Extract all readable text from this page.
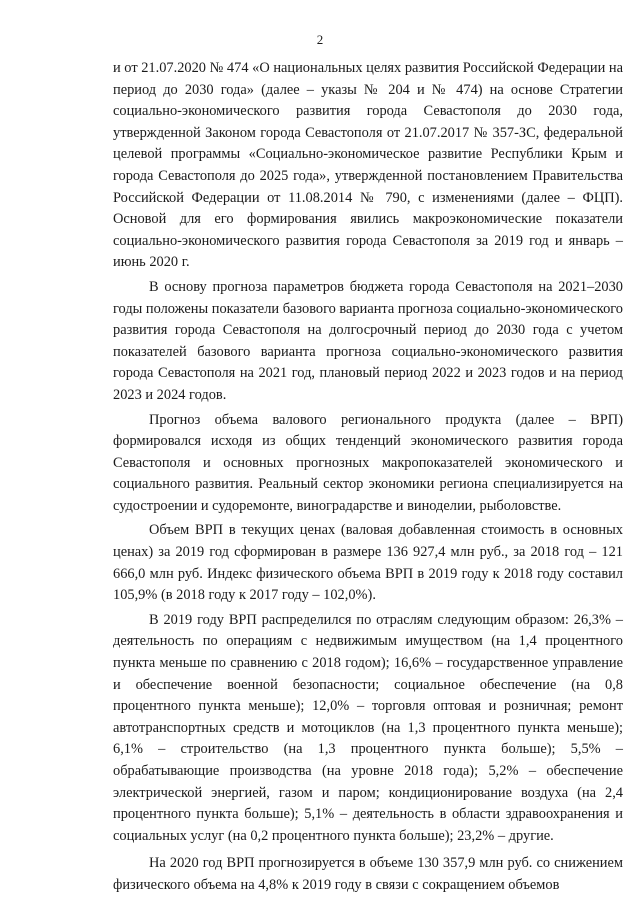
2

и от 21.07.2020 № 474 «О национальных целях развития Российской Федерации на период до 2030 года» (далее – указы № 204 и № 474) на основе Стратегии социально-экономического развития города Севастополя до 2030 года, утвержденной Законом города Севастополя от 21.07.2017 № 357-ЗС, федеральной целевой программы «Социально-экономическое развитие Республики Крым и города Севастополя до 2025 года», утвержденной постановлением Правительства Российской Федерации от 11.08.2014 № 790, с изменениями (далее – ФЦП). Основой для его формирования явились макроэкономические показатели социально-экономического развития города Севастополя за 2019 год и январь – июнь 2020 г.

В основу прогноза параметров бюджета города Севастополя на 2021–2030 годы положены показатели базового варианта прогноза социально-экономического развития города Севастополя на долгосрочный период до 2030 года с учетом показателей базового варианта прогноза социально-экономического развития города Севастополя на 2021 год, плановый период 2022 и 2023 годов и на период 2023 и 2024 годов.

Прогноз объема валового регионального продукта (далее – ВРП) формировался исходя из общих тенденций экономического развития города Севастополя и основных прогнозных макропоказателей экономического и социального развития. Реальный сектор экономики региона специализируется на судостроении и судоремонте, виноградарстве и виноделии, рыболовстве.

Объем ВРП в текущих ценах (валовая добавленная стоимость в основных ценах) за 2019 год сформирован в размере 136 927,4 млн руб., за 2018 год – 121 666,0 млн руб. Индекс физического объема ВРП в 2019 году к 2018 году составил 105,9% (в 2018 году к 2017 году – 102,0%).

В 2019 году ВРП распределился по отраслям следующим образом: 26,3% – деятельность по операциям с недвижимым имуществом (на 1,4 процентного пункта меньше по сравнению с 2018 годом); 16,6% – государственное управление и обеспечение военной безопасности; социальное обеспечение (на 0,8 процентного пункта меньше); 12,0% – торговля оптовая и розничная; ремонт автотранспортных средств и мотоциклов (на 1,3 процентного пункта меньше); 6,1% – строительство (на 1,3 процентного пункта больше); 5,5% – обрабатывающие производства (на уровне 2018 года); 5,2% – обеспечение электрической энергией, газом и паром; кондиционирование воздуха (на 2,4 процентного пункта больше); 5,1% – деятельность в области здравоохранения и социальных услуг (на 0,2 процентного пункта больше); 23,2% – другие.

На 2020 год ВРП прогнозируется в объеме 130 357,9 млн руб. со снижением физического объема на 4,8% к 2019 году в связи с сокращением объемов
